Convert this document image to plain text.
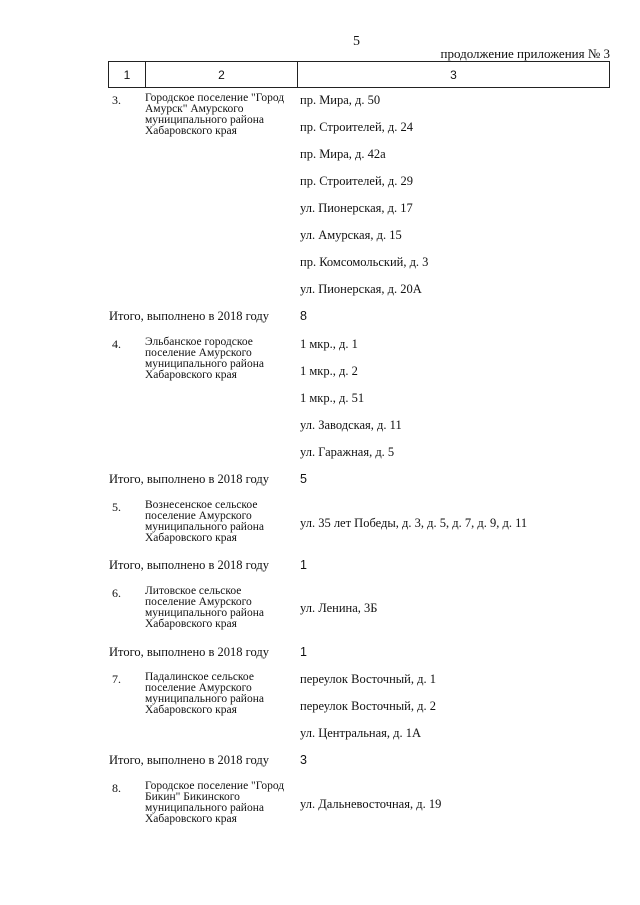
5
продолжение приложения № 3
1	2	3
3. Городское поселение "Город Амурск" Амурского муниципального района Хабаровского края
пр. Мира, д. 50
пр. Строителей, д. 24
пр. Мира, д. 42а
пр. Строителей, д. 29
ул. Пионерская, д. 17
ул. Амурская, д. 15
пр. Комсомольский, д. 3
ул. Пионерская, д. 20А
Итого, выполнено в 2018 году 8
4. Эльбанское городское поселение Амурского муниципального района Хабаровского края
1 мкр., д. 1
1 мкр., д. 2
1 мкр., д. 51
ул. Заводская, д. 11
ул. Гаражная, д. 5
Итого, выполнено в 2018 году 5
5. Вознесенское сельское поселение Амурского муниципального района Хабаровского края
ул. 35 лет Победы, д. 3, д. 5, д. 7, д. 9, д. 11
Итого, выполнено в 2018 году 1
6. Литовское сельское поселение Амурского муниципального района Хабаровского края
ул. Ленина, 3Б
Итого, выполнено в 2018 году 1
7. Падалинское сельское поселение Амурского муниципального района Хабаровского края
переулок Восточный, д. 1
переулок Восточный, д. 2
ул. Центральная, д. 1А
Итого, выполнено в 2018 году 3
8. Городское поселение "Город Бикин" Бикинского муниципального района Хабаровского края
ул. Дальневосточная, д. 19
